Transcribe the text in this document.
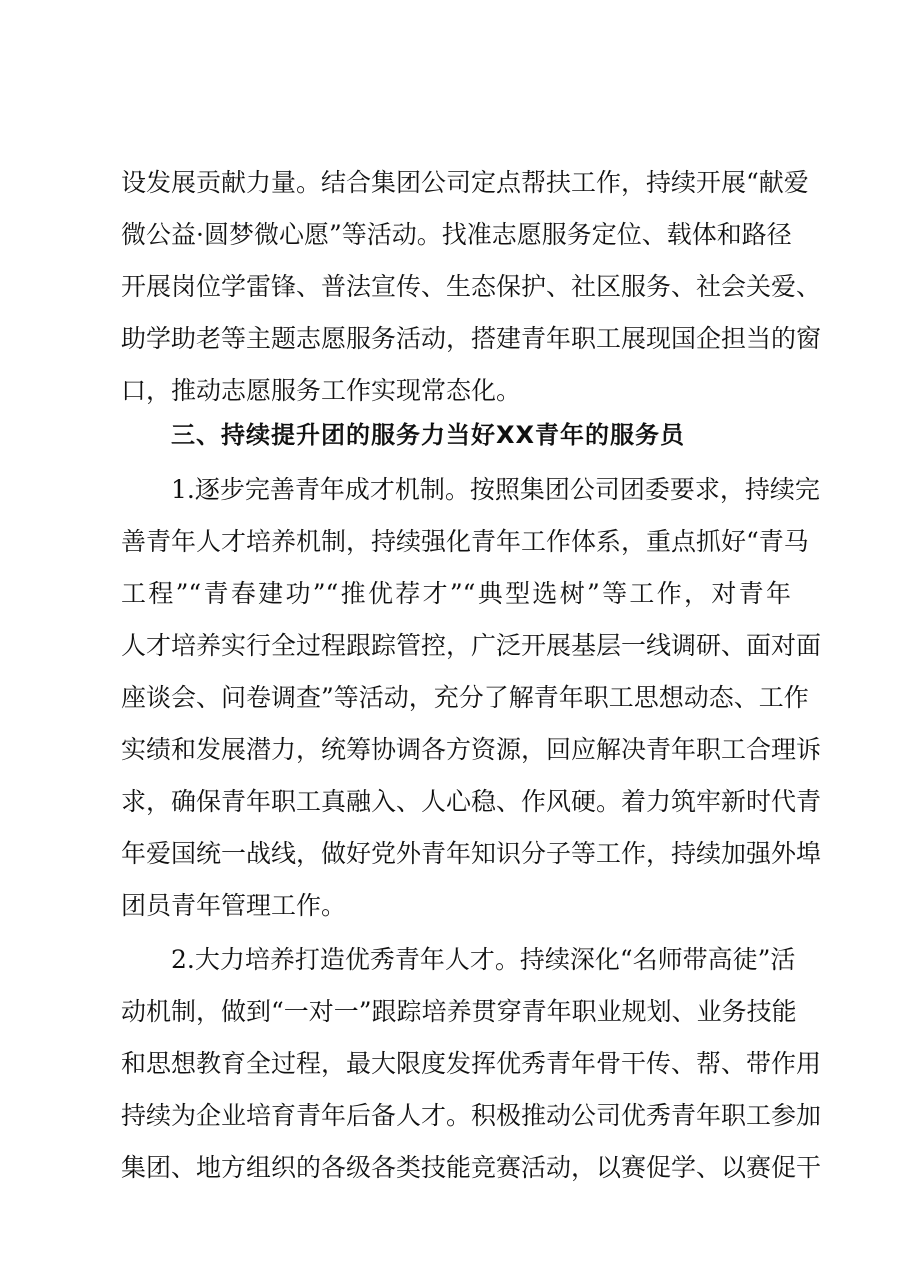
设发展贡献力量。结合集团公司定点帮扶工作，持续开展“献爱
微公益·圆梦微心愿”等活动。找准志愿服务定位、载体和路径
开展岗位学雷锋、普法宣传、生态保护、社区服务、社会关爱、
助学助老等主题志愿服务活动，搭建青年职工展现国企担当的窗
口，推动志愿服务工作实现常态化。
三、持续提升团的服务力当好XX青年的服务员
1.逐步完善青年成才机制。按照集团公司团委要求，持续完
善青年人才培养机制，持续强化青年工作体系，重点抓好“青马
工程”“青春建功”“推优荐才”“典型选树”等工作，对青年
人才培养实行全过程跟踪管控，广泛开展基层一线调研、面对面
座谈会、问卷调查”等活动，充分了解青年职工思想动态、工作
实绩和发展潜力，统筹协调各方资源，回应解决青年职工合理诉
求，确保青年职工真融入、人心稳、作风硬。着力筑牢新时代青
年爱国统一战线，做好党外青年知识分子等工作，持续加强外埠
团员青年管理工作。
2.大力培养打造优秀青年人才。持续深化“名师带高徒”活
动机制，做到“一对一”跟踪培养贯穿青年职业规划、业务技能
和思想教育全过程，最大限度发挥优秀青年骨干传、帮、带作用
持续为企业培育青年后备人才。积极推动公司优秀青年职工参加
集团、地方组织的各级各类技能竞赛活动，以赛促学、以赛促干
